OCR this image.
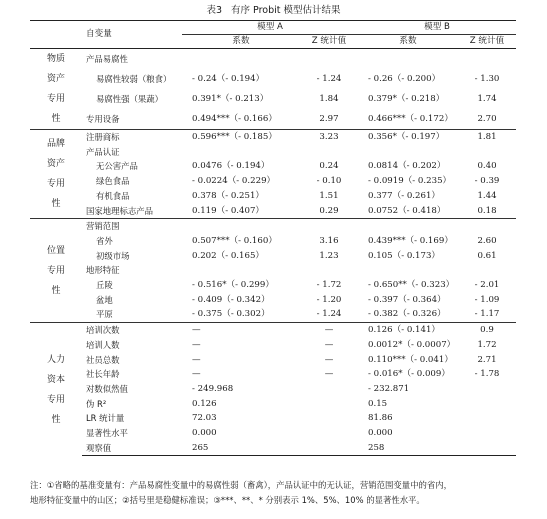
表3 有序 Probit 模型估计结果
	自变量	模型 A		模型 B	
		系数	Z 统计值	系数	Z 统计值

物质
资产
专用
性	产品易腐性				
	易腐性较弱（粮食）	- 0.24（- 0.194）	- 1.24	- 0.26（- 0.200）	- 1.30
	易腐性强（果蔬）	0.391*（- 0.213）	1.84	0.379*（- 0.218）	1.74
	专用设备	0.494***（- 0.166）	2.97	0.466***（- 0.172）	2.70

品牌
资产
专用
性	注册商标	0.596***（- 0.185）	3.23	0.356*（- 0.197）	1.81
	产品认证				
	无公害产品	0.0476（- 0.194）	0.24	0.0814（- 0.202）	0.40
	绿色食品	- 0.0224（- 0.229）	- 0.10	- 0.0919（- 0.235）	- 0.39
	有机食品	0.378（- 0.251）	1.51	0.377（- 0.261）	1.44
	国家地理标志产品	0.119（- 0.407）	0.29	0.0752（- 0.418）	0.18

位置
专用
性	营销范围				
	省外	0.507***（- 0.160）	3.16	0.439***（- 0.169）	2.60
	初级市场	0.202（- 0.165）	1.23	0.105（- 0.173）	0.61
	地形特征				
	丘陵	- 0.516*（- 0.299）	- 1.72	- 0.650**（- 0.323）	- 2.01
	盆地	- 0.409（- 0.342）	- 1.20	- 0.397（- 0.364）	- 1.09
	平原	- 0.375（- 0.302）	- 1.24	- 0.382（- 0.326）	- 1.17

人力
资本
专用
性	培训次数	—	—	0.126（- 0.141）	0.9
	培训人数	—	—	0.0012*（- 0.0007）	1.72
	社员总数	—	—	0.110***（- 0.041）	2.71
	社长年龄	—	—	- 0.016*（- 0.009）	- 1.78
	对数似然值	- 249.968		- 232.871	
	伪 R²	0.126		0.15	
	LR 统计量	72.03		81.86	
	显著性水平	0.000		0.000	
	观察值	265		258	
注：①省略的基准变量有：产品易腐性变量中的易腐性弱（畜禽），产品认证中的无认证，营销范围变量中的省内，
地形特征变量中的山区；②括号里是稳健标准误；③***、**、* 分别表示 1%、5%、10% 的显著性水平。
